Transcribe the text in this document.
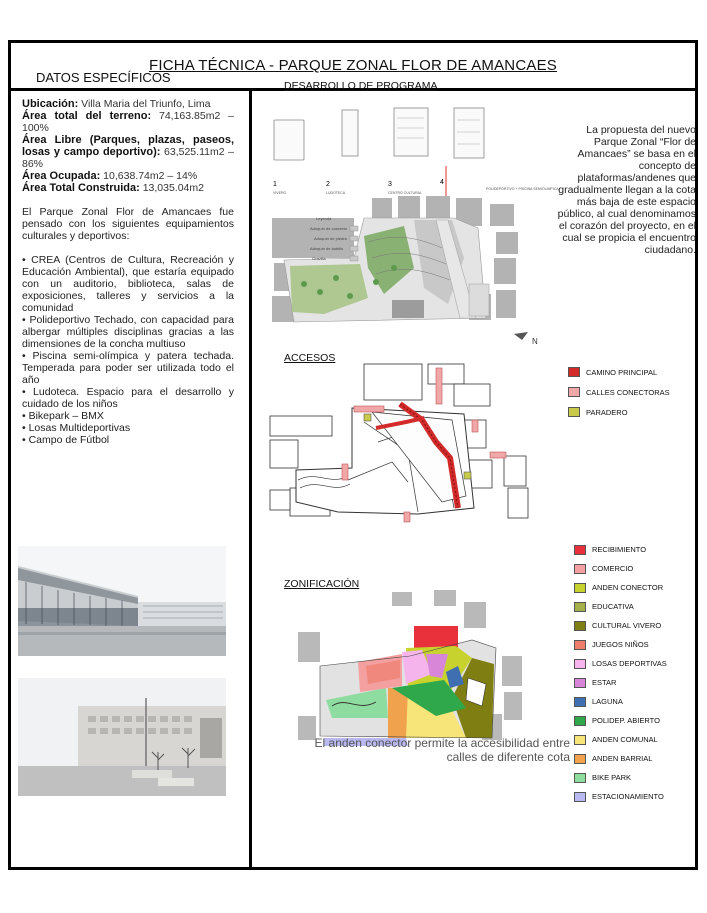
FICHA TÉCNICA - PARQUE ZONAL FLOR DE AMANCAES
DATOS ESPECÍFICOS
Ubicación: Villa Maria del Triunfo, Lima
Área total del terreno: 74,163.85m2 – 100%
Área Libre (Parques, plazas, paseos, losas y campo deportivo): 63,525.11m2 – 86%
Área Ocupada: 10,638.74m2 – 14%
Área Total Construida: 13,035.04m2

El Parque Zonal Flor de Amancaes fue pensado con los siguientes equipamientos culturales y deportivos:

• CREA (Centros de Cultura, Recreación y Educación Ambiental), que estaría equipado con un auditorio, biblioteca, salas de exposiciones, talleres y servicios a la comunidad
• Polideportivo Techado, con capacidad para albergar múltiples disciplinas gracias a las dimensiones de la concha multiuso
• Piscina semi-olímpica y patera techada. Temperada para poder ser utilizada todo el año
• Ludoteca. Espacio para el desarrollo y cuidado de los niños
• Bikepark – BMX
• Losas Multideportivas
• Campo de Fútbol
DESARROLLO DE PROGRAMA
1
VIVERO
2
LUDOTECA
3
CENTRO CULTURAL
4
POLIDEPORTIVO + PISCINA SEMIOLIMPICA
Leyenda
Adoquín de concreto
Adoquín de piedra
Adoquín de ladrillo
Gravilla
N
La propuesta del nuevo Parque Zonal “Flor de Amancaes” se basa en el concepto de plataformas/andenes que gradualmente llegan a la cota más baja de este espacio público, al cual denominamos el corazón del proyecto, en el cual se propicia el encuentro ciudadano.
ACCESOS
CAMINO PRINCIPAL
CALLES CONECTORAS
PARADERO
ZONIFICACIÓN
RECIBIMIENTO
COMERCIO
ANDEN CONECTOR
EDUCATIVA
CULTURAL VIVERO
JUEGOS NIÑOS
LOSAS DEPORTIVAS
ESTAR
LAGUNA
POLIDEP. ABIERTO
ANDEN COMUNAL
ANDEN BARRIAL
BIKE PARK
ESTACIONAMIENTO
El anden conector permite la accesibilidad entre calles de diferente cota
